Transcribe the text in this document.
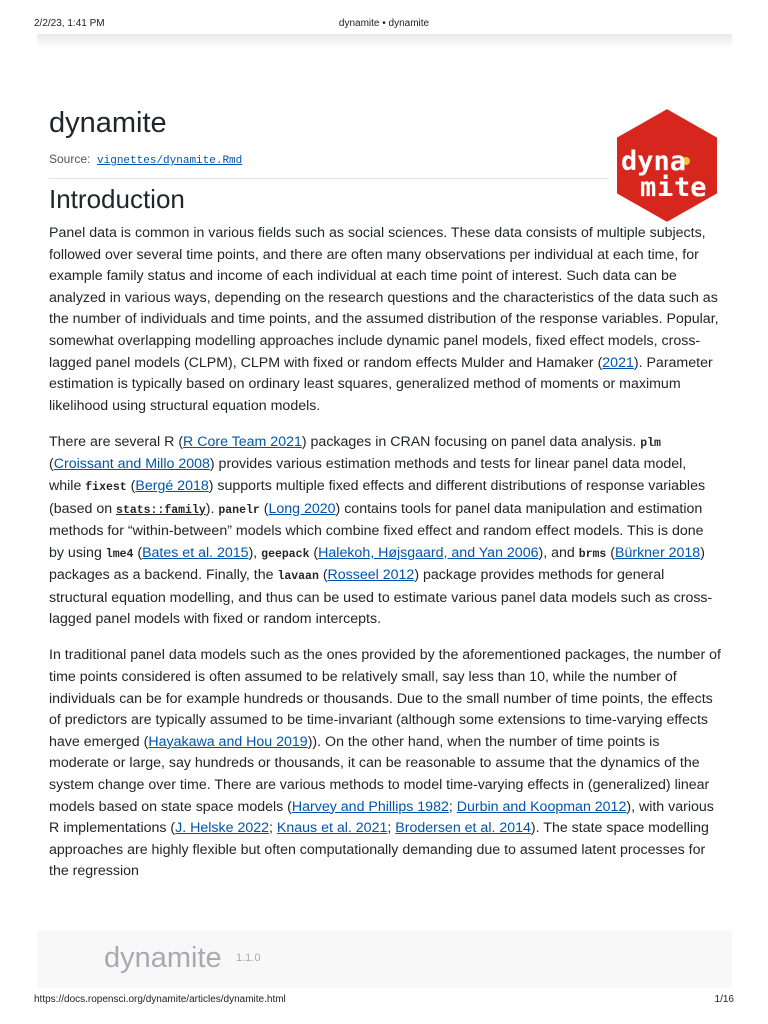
2/2/23, 1:41 PM	dynamite • dynamite
dynamite
Source: vignettes/dynamite.Rmd	dyna
m i te
Introduction

Panel data is common in various fields such as social sciences. These data consists of multiple subjects, followed over several time points, and there are often many observations per individual at each time, for example family status and income of each individual at each time point of interest. Such data can be analyzed in various ways, depending on the research questions and the characteristics of the data such as the number of individuals and time points, and the assumed distribution of the response variables. Popular, somewhat overlapping modelling approaches include dynamic panel models, fixed effect models, cross-lagged panel models (CLPM), CLPM with fixed or random effects Mulder and Hamaker (2021). Parameter estimation is typically based on ordinary least squares, generalized method of moments or maximum likelihood using structural equation models.

There are several R (R Core Team 2021) packages in CRAN focusing on panel data analysis. plm (Croissant and Millo 2008) provides various estimation methods and tests for linear panel data model, while fixest (Bergé 2018) supports multiple fixed effects and different distributions of response variables (based on stats::family). panelr (Long 2020) contains tools for panel data manipulation and estimation methods for “within-between” models which combine fixed effect and random effect models. This is done by using lme4 (Bates et al. 2015), geepack (Halekoh, Højsgaard, and Yan 2006), and brms (Bürkner 2018) packages as a backend. Finally, the lavaan (Rosseel 2012) package provides methods for general structural equation modelling, and thus can be used to estimate various panel data models such as cross-lagged panel models with fixed or random intercepts.

In traditional panel data models such as the ones provided by the aforementioned packages, the number of time points considered is often assumed to be relatively small, say less than 10, while the number of individuals can be for example hundreds or thousands. Due to the small number of time points, the effects of predictors are typically assumed to be time-invariant (although some extensions to time-varying effects have emerged (Hayakawa and Hou 2019)). On the other hand, when the number of time points is moderate or large, say hundreds or thousands, it can be reasonable to assume that the dynamics of the system change over time. There are various methods to model time-varying effects in (generalized) linear models based on state space models (Harvey and Phillips 1982; Durbin and Koopman 2012), with various R implementations (J. Helske 2022; Knaus et al. 2021; Brodersen et al. 2014). The state space modelling approaches are highly flexible but often computationally demanding due to assumed latent processes for the regression

dynamite 1.1.0
https://docs.ropensci.org/dynamite/articles/dynamite.html	1/16
